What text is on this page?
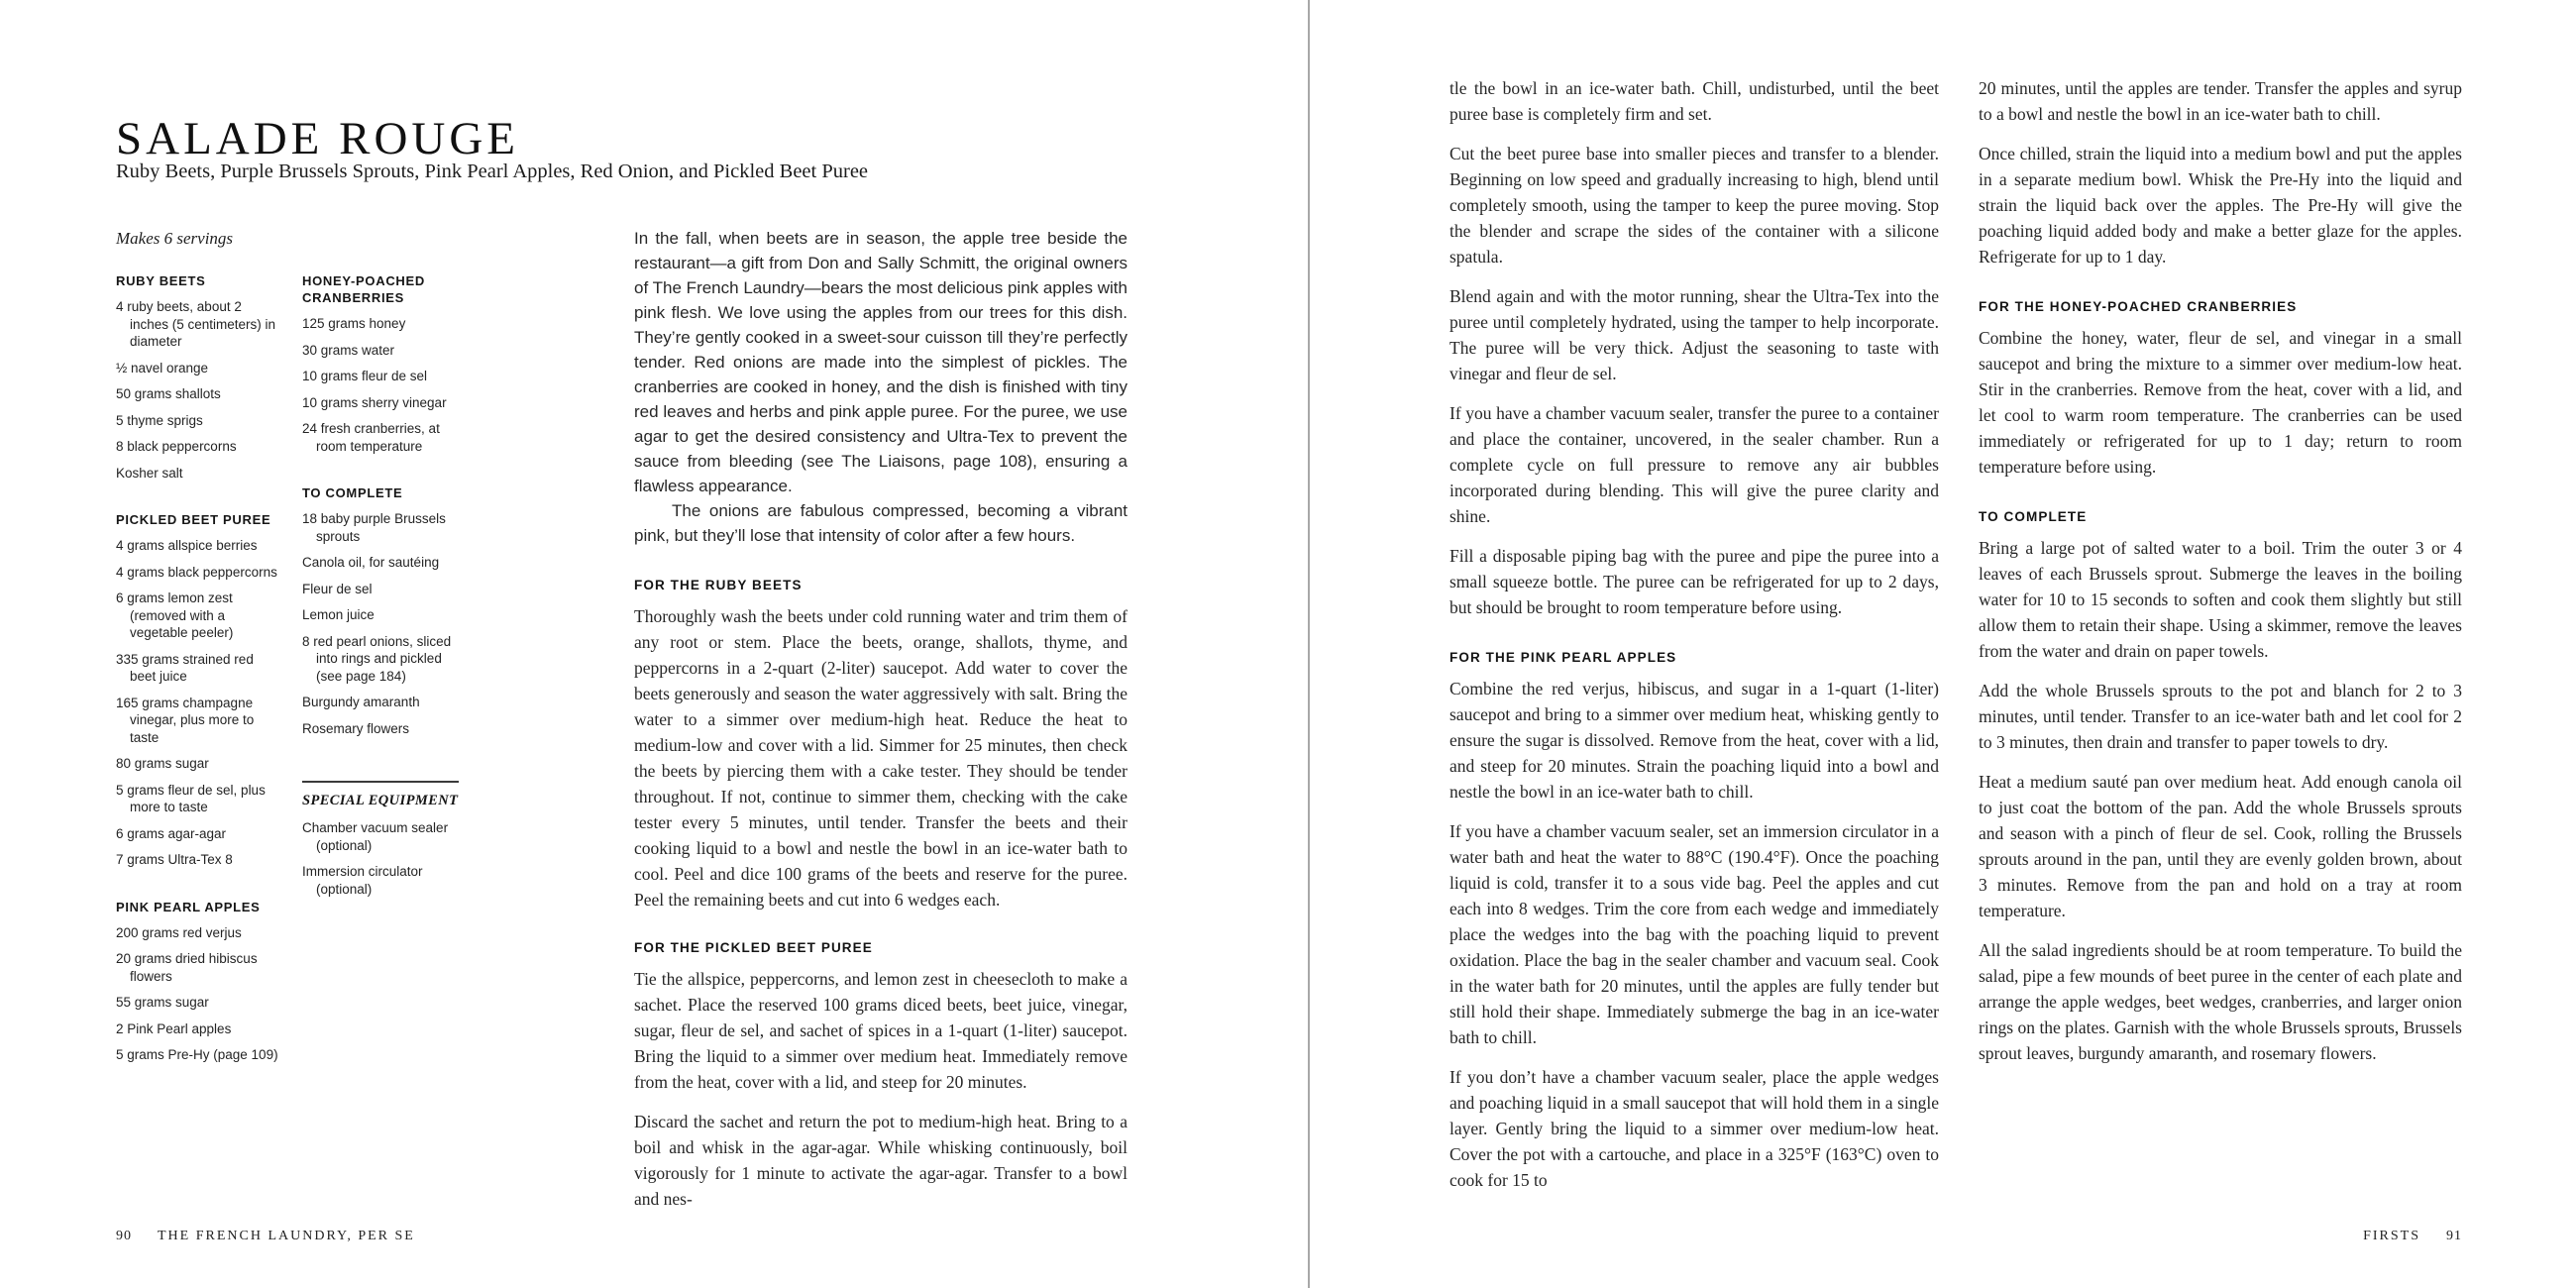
SALADE ROUGE
Ruby Beets, Purple Brussels Sprouts, Pink Pearl Apples, Red Onion, and Pickled Beet Puree

Makes 6 servings

RUBY BEETS

4 ruby beets, about 2 inches (5 centimeters) in diameter

½ navel orange

50 grams shallots

5 thyme sprigs

8 black peppercorns

Kosher salt

PICKLED BEET PUREE

4 grams allspice berries

4 grams black peppercorns

6 grams lemon zest (removed with a vegetable peeler)

335 grams strained red beet juice

165 grams champagne vinegar, plus more to taste

80 grams sugar

5 grams fleur de sel, plus more to taste

6 grams agar-agar

7 grams Ultra-Tex 8

PINK PEARL APPLES

200 grams red verjus

20 grams dried hibiscus flowers

55 grams sugar

2 Pink Pearl apples

5 grams Pre-Hy (page 109)

HONEY-POACHED CRANBERRIES

125 grams honey

30 grams water

10 grams fleur de sel

10 grams sherry vinegar

24 fresh cranberries, at room temperature

TO COMPLETE

18 baby purple Brussels sprouts

Canola oil, for sautéing

Fleur de sel

Lemon juice

8 red pearl onions, sliced into rings and pickled (see page 184)

Burgundy amaranth

Rosemary flowers

SPECIAL EQUIPMENT

Chamber vacuum sealer (optional)

Immersion circulator (optional)

In the fall, when beets are in season, the apple tree beside the restaurant—a gift from Don and Sally Schmitt, the original owners of The French Laundry—bears the most delicious pink apples with pink flesh. We love using the apples from our trees for this dish. They’re gently cooked in a sweet-sour cuisson till they’re perfectly tender. Red onions are made into the simplest of pickles. The cranberries are cooked in honey, and the dish is finished with tiny red leaves and herbs and pink apple puree. For the puree, we use agar to get the desired consistency and Ultra-Tex to prevent the sauce from bleeding (see The Liaisons, page 108), ensuring a flawless appearance.

The onions are fabulous compressed, becoming a vibrant pink, but they’ll lose that intensity of color after a few hours.

FOR THE RUBY BEETS

Thoroughly wash the beets under cold running water and trim them of any root or stem. Place the beets, orange, shallots, thyme, and peppercorns in a 2-quart (2-liter) saucepot. Add water to cover the beets generously and season the water aggressively with salt. Bring the water to a simmer over medium-high heat. Reduce the heat to medium-low and cover with a lid. Simmer for 25 minutes, then check the beets by piercing them with a cake tester. They should be tender throughout. If not, continue to simmer them, checking with the cake tester every 5 minutes, until tender. Transfer the beets and their cooking liquid to a bowl and nestle the bowl in an ice-water bath to cool. Peel and dice 100 grams of the beets and reserve for the puree. Peel the remaining beets and cut into 6 wedges each.

FOR THE PICKLED BEET PUREE

Tie the allspice, peppercorns, and lemon zest in cheesecloth to make a sachet. Place the reserved 100 grams diced beets, beet juice, vinegar, sugar, fleur de sel, and sachet of spices in a 1-quart (1-liter) saucepot. Bring the liquid to a simmer over medium heat. Immediately remove from the heat, cover with a lid, and steep for 20 minutes.

Discard the sachet and return the pot to medium-high heat. Bring to a boil and whisk in the agar-agar. While whisking continuously, boil vigorously for 1 minute to activate the agar-agar. Transfer to a bowl and nes-

90 THE FRENCH LAUNDRY, PER SE

tle the bowl in an ice-water bath. Chill, undisturbed, until the beet puree base is completely firm and set.

Cut the beet puree base into smaller pieces and transfer to a blender. Beginning on low speed and gradually increasing to high, blend until completely smooth, using the tamper to keep the puree moving. Stop the blender and scrape the sides of the container with a silicone spatula.

Blend again and with the motor running, shear the Ultra-Tex into the puree until completely hydrated, using the tamper to help incorporate. The puree will be very thick. Adjust the seasoning to taste with vinegar and fleur de sel.

If you have a chamber vacuum sealer, transfer the puree to a container and place the container, uncovered, in the sealer chamber. Run a complete cycle on full pressure to remove any air bubbles incorporated during blending. This will give the puree clarity and shine.

Fill a disposable piping bag with the puree and pipe the puree into a small squeeze bottle. The puree can be refrigerated for up to 2 days, but should be brought to room temperature before using.

FOR THE PINK PEARL APPLES

Combine the red verjus, hibiscus, and sugar in a 1-quart (1-liter) saucepot and bring to a simmer over medium heat, whisking gently to ensure the sugar is dissolved. Remove from the heat, cover with a lid, and steep for 20 minutes. Strain the poaching liquid into a bowl and nestle the bowl in an ice-water bath to chill.

If you have a chamber vacuum sealer, set an immersion circulator in a water bath and heat the water to 88°C (190.4°F). Once the poaching liquid is cold, transfer it to a sous vide bag. Peel the apples and cut each into 8 wedges. Trim the core from each wedge and immediately place the wedges into the bag with the poaching liquid to prevent oxidation. Place the bag in the sealer chamber and vacuum seal. Cook in the water bath for 20 minutes, until the apples are fully tender but still hold their shape. Immediately submerge the bag in an ice-water bath to chill.

If you don’t have a chamber vacuum sealer, place the apple wedges and poaching liquid in a small saucepot that will hold them in a single layer. Gently bring the liquid to a simmer over medium-low heat. Cover the pot with a cartouche, and place in a 325°F (163°C) oven to cook for 15 to

20 minutes, until the apples are tender. Transfer the apples and syrup to a bowl and nestle the bowl in an ice-water bath to chill.

Once chilled, strain the liquid into a medium bowl and put the apples in a separate medium bowl. Whisk the Pre-Hy into the liquid and strain the liquid back over the apples. The Pre-Hy will give the poaching liquid added body and make a better glaze for the apples. Refrigerate for up to 1 day.

FOR THE HONEY-POACHED CRANBERRIES

Combine the honey, water, fleur de sel, and vinegar in a small saucepot and bring the mixture to a simmer over medium-low heat. Stir in the cranberries. Remove from the heat, cover with a lid, and let cool to warm room temperature. The cranberries can be used immediately or refrigerated for up to 1 day; return to room temperature before using.

TO COMPLETE

Bring a large pot of salted water to a boil. Trim the outer 3 or 4 leaves of each Brussels sprout. Submerge the leaves in the boiling water for 10 to 15 seconds to soften and cook them slightly but still allow them to retain their shape. Using a skimmer, remove the leaves from the water and drain on paper towels.

Add the whole Brussels sprouts to the pot and blanch for 2 to 3 minutes, until tender. Transfer to an ice-water bath and let cool for 2 to 3 minutes, then drain and transfer to paper towels to dry.

Heat a medium sauté pan over medium heat. Add enough canola oil to just coat the bottom of the pan. Add the whole Brussels sprouts and season with a pinch of fleur de sel. Cook, rolling the Brussels sprouts around in the pan, until they are evenly golden brown, about 3 minutes. Remove from the pan and hold on a tray at room temperature.

All the salad ingredients should be at room temperature. To build the salad, pipe a few mounds of beet puree in the center of each plate and arrange the apple wedges, beet wedges, cranberries, and larger onion rings on the plates. Garnish with the whole Brussels sprouts, Brussels sprout leaves, burgundy amaranth, and rosemary flowers.

FIRSTS 91
